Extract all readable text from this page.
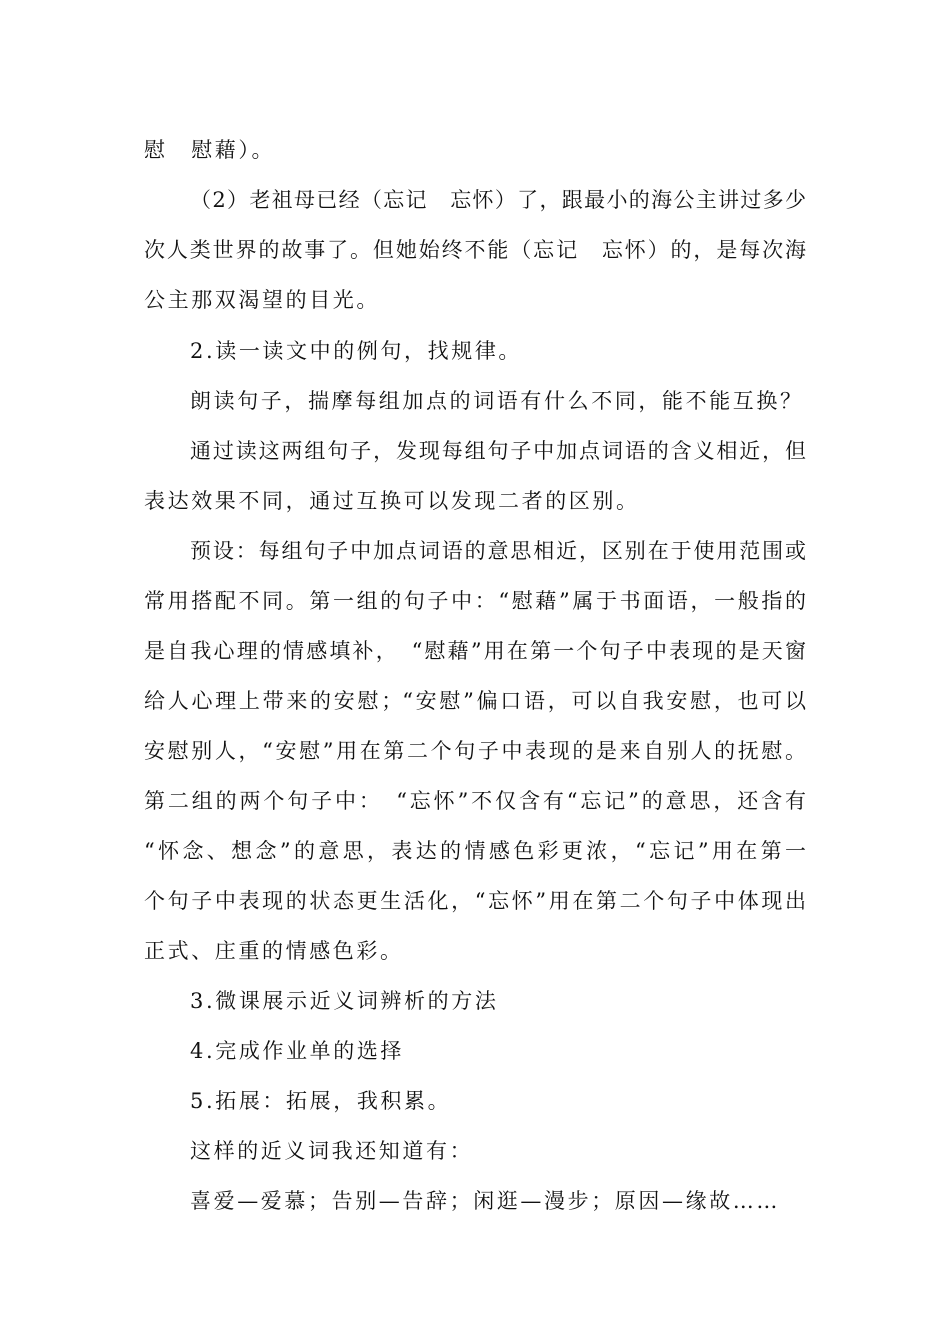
慰　慰藉）。
（2）老祖母已经（忘记　忘怀）了，跟最小的海公主讲过多少
次人类世界的故事了。但她始终不能（忘记　忘怀）的，是每次海
公主那双渴望的目光。
2.读一读文中的例句，找规律。
朗读句子，揣摩每组加点的词语有什么不同，能不能互换？
通过读这两组句子，发现每组句子中加点词语的含义相近，但
表达效果不同，通过互换可以发现二者的区别。
预设：每组句子中加点词语的意思相近，区别在于使用范围或
常用搭配不同。第一组的句子中：“慰藉”属于书面语，一般指的
是自我心理的情感填补，　“慰藉”用在第一个句子中表现的是天窗
给人心理上带来的安慰；“安慰”偏口语，可以自我安慰，也可以
安慰别人，“安慰”用在第二个句子中表现的是来自别人的抚慰。
第二组的两个句子中：　“忘怀”不仅含有“忘记”的意思，还含有
“怀念、想念”的意思，表达的情感色彩更浓，“忘记”用在第一
个句子中表现的状态更生活化，“忘怀”用在第二个句子中体现出
正式、庄重的情感色彩。
3.微课展示近义词辨析的方法
4.完成作业单的选择
5.拓展：拓展，我积累。
这样的近义词我还知道有：
喜爱—爱慕；告别—告辞；闲逛—漫步；原因—缘故……
